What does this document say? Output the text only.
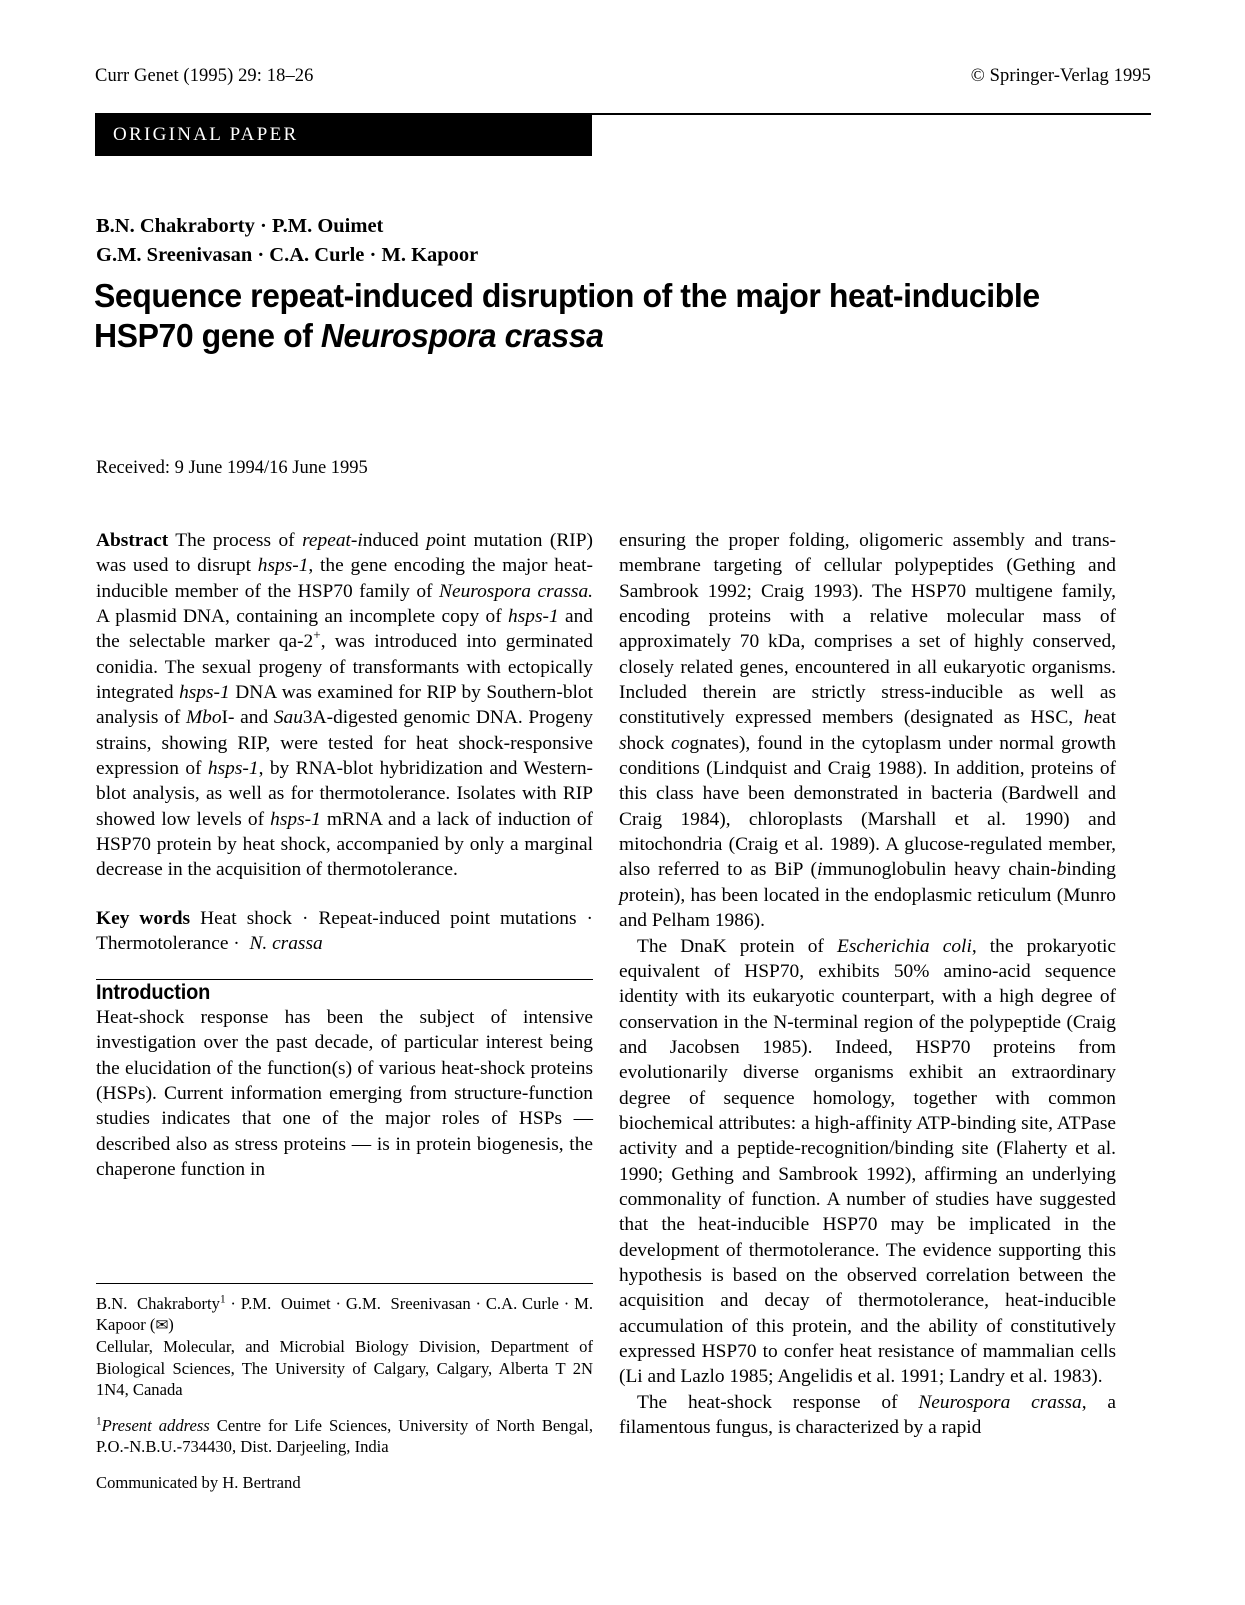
Curr Genet (1995) 29: 18–26	© Springer-Verlag 1995
ORIGINAL PAPER
B.N. Chakraborty · P.M. Ouimet
G.M. Sreenivasan · C.A. Curle · M. Kapoor
Sequence repeat-induced disruption of the major heat-inducible
HSP70 gene of Neurospora crassa
Received: 9 June 1994/16 June 1995

Abstract The process of repeat-induced point mutation (RIP) was used to disrupt hsps-1, the gene encoding the major heat-inducible member of the HSP70 family of Neurospora crassa. A plasmid DNA, containing an incomplete copy of hsps-1 and the selectable marker qa-2+, was introduced into germinated conidia. The sexual progeny of transformants with ectopically integrated hsps-1 DNA was examined for RIP by Southern-blot analysis of MboI- and Sau3A-digested genomic DNA. Progeny strains, showing RIP, were tested for heat shock-responsive expression of hsps-1, by RNA-blot hybridization and Western-blot analysis, as well as for thermotolerance. Isolates with RIP showed low levels of hsps-1 mRNA and a lack of induction of HSP70 protein by heat shock, accompanied by only a marginal decrease in the acquisition of thermotolerance.

Key words Heat shock · Repeat-induced point mutations · Thermotolerance ·  N. crassa

Introduction

Heat-shock response has been the subject of intensive investigation over the past decade, of particular interest being the elucidation of the function(s) of various heat-shock proteins (HSPs). Current information emerging from structure-function studies indicates that one of the major roles of HSPs — described also as stress proteins — is in protein biogenesis, the chaperone function in

ensuring the proper folding, oligomeric assembly and trans-membrane targeting of cellular polypeptides (Gething and Sambrook 1992; Craig 1993). The HSP70 multigene family, encoding proteins with a relative molecular mass of approximately 70 kDa, comprises a set of highly conserved, closely related genes, encountered in all eukaryotic organisms. Included therein are strictly stress-inducible as well as constitutively expressed members (designated as HSC, heat shock cognates), found in the cytoplasm under normal growth conditions (Lindquist and Craig 1988). In addition, proteins of this class have been demonstrated in bacteria (Bardwell and Craig 1984), chloroplasts (Marshall et al. 1990) and mitochondria (Craig et al. 1989). A glucose-regulated member, also referred to as BiP (immunoglobulin heavy chain-binding protein), has been located in the endoplasmic reticulum (Munro and Pelham 1986).

The DnaK protein of Escherichia coli, the prokaryotic equivalent of HSP70, exhibits 50% amino-acid sequence identity with its eukaryotic counterpart, with a high degree of conservation in the N-terminal region of the polypeptide (Craig and Jacobsen 1985). Indeed, HSP70 proteins from evolutionarily diverse organisms exhibit an extraordinary degree of sequence homology, together with common biochemical attributes: a high-affinity ATP-binding site, ATPase activity and a peptide-recognition/binding site (Flaherty et al. 1990; Gething and Sambrook 1992), affirming an underlying commonality of function. A number of studies have suggested that the heat-inducible HSP70 may be implicated in the development of thermotolerance. The evidence supporting this hypothesis is based on the observed correlation between the acquisition and decay of thermotolerance, heat-inducible accumulation of this protein, and the ability of constitutively expressed HSP70 to confer heat resistance of mammalian cells (Li and Lazlo 1985; Angelidis et al. 1991; Landry et al. 1983).

The heat-shock response of Neurospora crassa, a filamentous fungus, is characterized by a rapid

B.N.  Chakraborty$^1$ · P.M.  Ouimet · G.M.  Sreenivasan · C.A. Curle · M. Kapoor (✉)

Cellular, Molecular, and Microbial Biology Division, Department of Biological Sciences, The University of Calgary, Calgary, Alberta T 2N 1N4, Canada

$^1$Present address Centre for Life Sciences, University of North Bengal, P.O.-N.B.U.-734430, Dist. Darjeeling, India

Communicated by H. Bertrand
